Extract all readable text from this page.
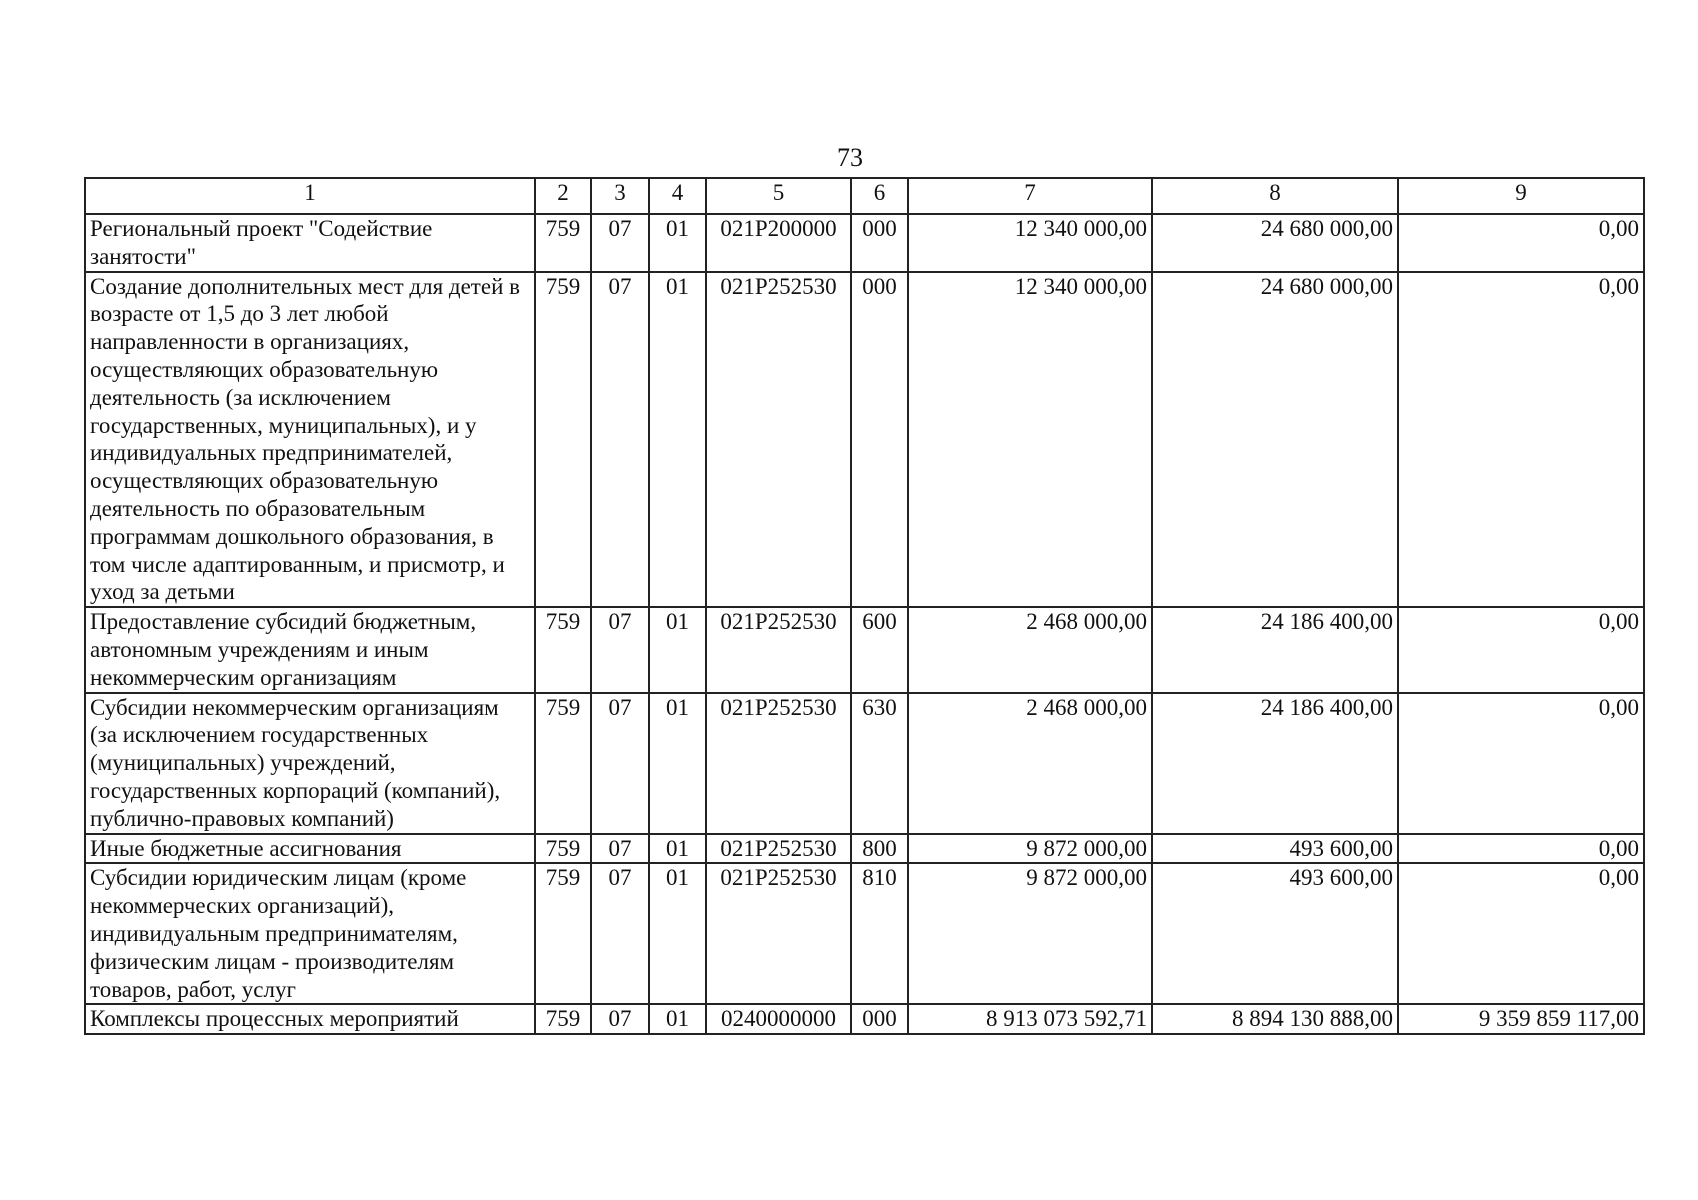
73
1	2	3	4	5	6	7	8	9
Региональный проект "Содействие занятости"	759	07	01	021P200000	000	12 340 000,00	24 680 000,00	0,00
Создание дополнительных мест для детей в возрасте от 1,5 до 3 лет любой направленности в организациях, осуществляющих образовательную деятельность (за исключением государственных, муниципальных), и у индивидуальных предпринимателей, осуществляющих образовательную деятельность по образовательным программам дошкольного образования, в том числе адаптированным, и присмотр, и уход за детьми	759	07	01	021P252530	000	12 340 000,00	24 680 000,00	0,00
Предоставление субсидий бюджетным, автономным учреждениям и иным некоммерческим организациям	759	07	01	021P252530	600	2 468 000,00	24 186 400,00	0,00
Субсидии некоммерческим организациям (за исключением государственных (муниципальных) учреждений, государственных корпораций (компаний), публично-правовых компаний)	759	07	01	021P252530	630	2 468 000,00	24 186 400,00	0,00
Иные бюджетные ассигнования	759	07	01	021P252530	800	9 872 000,00	493 600,00	0,00
Субсидии юридическим лицам (кроме некоммерческих организаций), индивидуальным предпринимателям, физическим лицам - производителям товаров, работ, услуг	759	07	01	021P252530	810	9 872 000,00	493 600,00	0,00
Комплексы процессных мероприятий	759	07	01	0240000000	000	8 913 073 592,71	8 894 130 888,00	9 359 859 117,00
